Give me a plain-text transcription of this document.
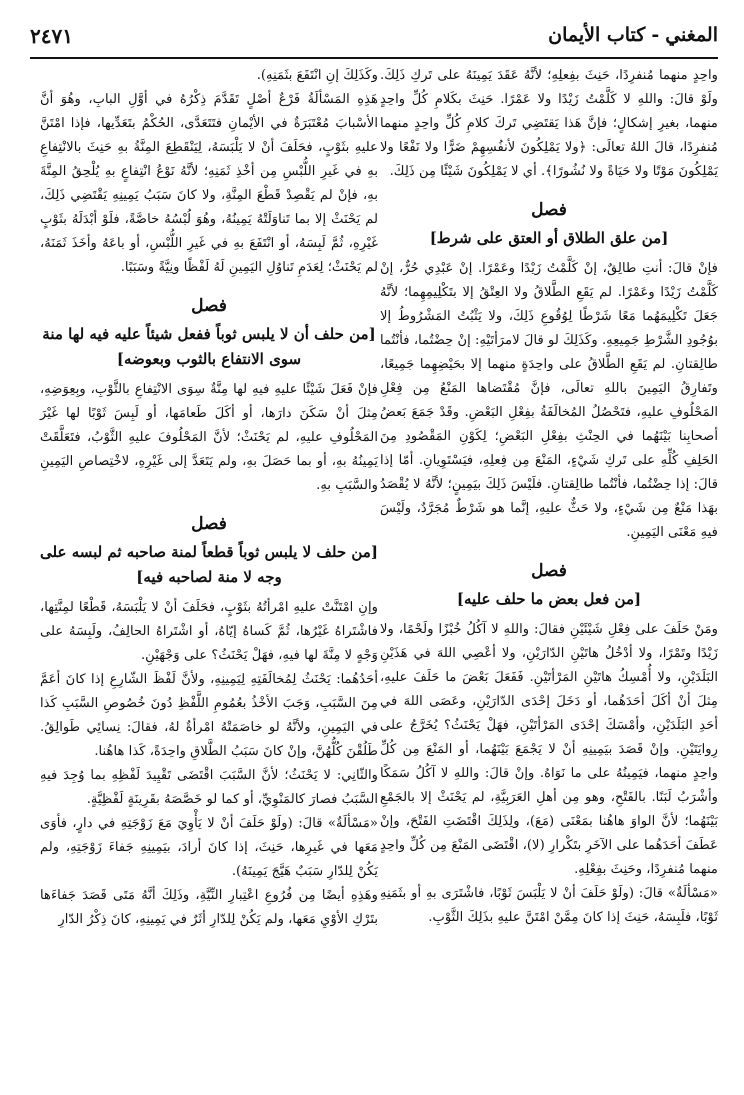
المغني-كتاب الأيمان
٢٤٧١

واحِدٍ منهما مُنفرِدًا، حَنِثَ بفِعلِهِ؛ لأنَّهُ عَقَدَ يَمِينَهُ على تَركِ ذَلِكَ. ولَوْ قالَ: واللهِ لا كَلَّمْتُ زَيْدًا ولا عَمْرًا. حَنِثَ بكَلامِ كُلِّ واحِدٍ منهما، بغيرِ إشكالٍ؛ فإنَّ هَذا يَقتَضِي تَركَ كلامِ كُلِّ واحِدٍ منهما مُنفرِدًا، قالَ اللهُ تعالَى: ﴿ولا يَمْلِكُونَ لأنفُسِهِمْ ضَرًّا ولا نَفْعًا ولا يَمْلِكُونَ مَوْتًا ولا حَيَاةً ولا نُشُورًا﴾. أي لا يَمْلِكُونَ شَيْئًا مِن ذَلِكَ.

فصل
[من علق الطلاق أو العتق على شرط]

فإنْ قالَ: أنتِ طالِقٌ، إنْ كَلَّمْتُ زَيْدًا وعَمْرًا. إنْ عَبْدِي حُرٌّ، إنْ كَلَّمْتُ زَيْدًا وعَمْرًا. لم يَقَعِ الطَّلاقُ ولا العِتْقُ إلا بتَكْلِيمِهِما؛ لأنَّهُ جَعَلَ تَكْلِيمَهُما مَعًا شَرْطًا لِوُقُوعِ ذَلِكَ، ولا يَثْبُتُ المَشْرُوطُ إلا بوُجُودِ الشَّرْطِ جَمِيعِهِ. وكَذَلِكَ لو قالَ لامرَأتَيْهِ: إنْ حِضْتُما، فأنْتُما طالِقتانِ. لم يَقَعِ الطَّلاقُ على واحِدَةٍ منهما إلا بحَيْضِهِما جَمِيعًا، وتَفارِقُ اليَمِينَ باللهِ تعالَى، فإنَّ مُقْتَضاها المَنْعُ مِن فِعْلِ المَحْلُوفِ عليهِ، فتَحْصُلُ المُخالَفَةُ بفِعْلِ البَعْضِ. وقَدْ جَمَعَ بَعضُ أصحابِنا بَيْنَهُما في الحِنْثِ بفِعْلِ البَعْضِ؛ لِكَوْنِ المَقْصُودِ مِنَ الحَلِفِ كُلِّهِ على تَركِ شَيْءٍ، المَنْعَ مِن فِعلِهِ، فيَسْتَوِيانِ. أمّا إذا قالَ: إذا حِضْتُما، فأنْتُما طالِقتانِ. فلَيْسَ ذَلِكَ بيَمِينٍ؛ لأنَّهُ لا يُقْصَدُ بهَذا مَنْعٌ مِن شَيْءٍ، ولا حَثٌّ عليهِ، إنَّما هو شَرْطٌ مُجَرَّدٌ، ولَيْسَ فيهِ مَعْنَى اليَمِينِ.

فصل
[من فعل بعض ما حلف عليه]

ومَنْ حَلَفَ على فِعْلِ شَيْئَيْنِ فقالَ: واللهِ لا آكُلُ خُبْزًا ولَحْمًا، ولا زَيْدًا وتَمْرًا، ولا أدْخُلُ هاتَيْنِ الدّارَيْنِ، ولا أعْصِي اللهَ في هَذَيْنِ البَلَدَيْنِ، ولا أُمْسِكُ هاتَيْنِ المَرْأتَيْنِ. فَفَعَلَ بَعْضَ ما حَلَفَ عليهِ، مِثلَ أنْ أكَلَ أحَدَهُما، أو دَخَلَ إحْدَى الدّارَيْنِ، وعَصَى اللهَ في أحَدِ البَلَدَيْنِ، وأمْسَكَ إحْدَى المَرْأتَيْنِ، فهَلْ يَحْنَثُ؟ يُخَرَّجُ على رِوايَتَيْنِ. وإنْ قَصَدَ بيَمِينِهِ أنْ لا يَجْمَعَ بَيْنَهُما، أو المَنْعَ مِن كُلِّ واحِدٍ منهما، فيَمِينُهُ على ما نَوَاهُ. وإنْ قالَ: واللهِ لا آكُلُ سَمَكًا وأشْرَبُ لَبَنًا. بالفَتْحِ، وهو مِن أهلِ العَرَبِيَّةِ، لم يَحْنَثْ إلا بالجَمْعِ بَيْنَهُما؛ لأنَّ الواوَ هاهُنا بمَعْنَى (مَعَ)، ولِذَلِكَ اقْتَضَتِ الفَتْحَ، وإنْ عَطَفَ أحَدَهُما على الآخَرِ بتَكْرارِ (لا)، اقْتَضَى المَنْعَ مِن كُلِّ واحِدٍ منهما مُنفرِدًا، وحَنِثَ بفِعْلِهِ.

«مَسْألَةٌ» قالَ: (ولَوْ حَلَفَ أنْ لا يَلْبَسَ ثَوْبًا، فاشْتَرَى بهِ أو بثَمَنِهِ ثَوْبًا، فلَبِسَهُ، حَنِثَ إذا كانَ مِمَّنْ امْتَنَّ عليهِ بذَلِكَ الثَّوْبِ.

وكَذَلِكَ إنِ انْتَفَعَ بثَمَنِهِ).

هَذِهِ المَسْألَةُ فَرْعٌ أصْلٍ تَقَدَّمَ ذِكْرُهُ في أوَّلِ البابِ، وهُوَ أنَّ الأسْبابَ مُعْتَبَرَةٌ في الأيْمانِ فتَتَعَدَّى، الحُكْمُ بتَعَدِّيها، فإذا امْتَنَّ عليهِ بثَوْبٍ، فحَلَفَ أنْ لا يَلْبَسَهُ، لِيَنْقَطِعَ المِنَّةُ بهِ حَنِثَ بالانْتِفاعِ بهِ في غَيرِ اللُّبْسِ مِن أخْذِ ثَمَنِهِ؛ لأنَّهُ نَوْعُ انْتِفاعٍ بهِ يُلْحِقُ المِنَّةَ بهِ، فإنْ لم يَقْصِدْ قَطْعَ المِنَّةِ، ولا كانَ سَبَبُ يَمِينِهِ يَقْتَضِي ذَلِكَ، لم يَحْنَثْ إلا بما تَناوَلَتْهُ يَمِينُهُ، وهُوَ لُبْسُهُ خاصَّةً، فلَوْ أبْدَلَهُ بثَوْبٍ غَيْرِهِ، ثُمَّ لَبِسَهُ، أو انْتَفَعَ بهِ في غَيرِ اللُّبْسِ، أو باعَهُ وأخَذَ ثَمَنَهُ، لم يَحْنَثْ؛ لِعَدَمِ تَناوُلِ اليَمِينِ لَهُ لَفْظًا ونِيَّةً وسَبَبًا.

فصل
[من حلف أن لا يلبس ثوباً ففعل شيئاً عليه فيه لها منة سوى الانتفاع بالثوب وبعوضه]

فإنْ فَعَلَ شَيْئًا عليهِ فيهِ لها مِنَّةٌ سِوَى الانْتِفاعِ بالثَّوْبِ، وبِعِوَضِهِ، مِثلَ أنْ سَكَنَ دارَها، أو أكَلَ طَعامَها، أو لَبِسَ ثَوْبًا لها غَيْرَ المَحْلُوفِ عليهِ، لم يَحْنَثْ؛ لأنَّ المَحْلُوفَ عليهِ الثَّوْبُ، فتَعَلَّقَتْ يَمِينُهُ بهِ، أو بما حَصَلَ بهِ، ولم يَتَعَدَّ إلى غَيْرِهِ، لاخْتِصاصِ اليَمِينِ والسَّبَبِ بهِ.

فصل
[من حلف لا يلبس ثوباً قطعاً لمنة صاحبه ثم لبسه على وجه لا منة لصاحبه فيه]

وإنِ امْتَنَّتْ عليهِ امْرأتُهُ بثَوْبٍ، فحَلَفَ أنْ لا يَلْبَسَهُ، قَطْعًا لمِنَّتِها، فاشْتَراهُ غَيْرُها، ثُمَّ كَساهُ إيّاهُ، أو اشْتَراهُ الحالِفُ، ولَبِسَهُ على وَجْهٍ لا مِنَّةَ لها فيهِ، فهَلْ يَحْنَثُ؟ على وَجْهَيْنِ.

أحَدُهُما: يَحْنَثُ لِمُخالَفَتِهِ لِيَمِينِهِ، ولأنَّ لَفْظَ الشّارِعِ إذا كانَ أعَمَّ مِنَ السَّبَبِ، وَجَبَ الأخْذُ بعُمُومِ اللَّفْظِ دُونَ خُصُوصِ السَّبَبِ كَذا في اليَمِينِ، ولأنَّهُ لو خاصَمَتْهُ امْرأةٌ لهُ، فقالَ: نِسائِي طَوالِقُ. طَلُقْنَ كُلُّهُنَّ، وإنْ كانَ سَبَبُ الطَّلاقِ واحِدَةً، كَذا هاهُنا.

والثّانِي: لا يَحْنَثُ؛ لأنَّ السَّبَبَ اقْتَضَى تَقْيِيدَ لَفْظِهِ بما وُجِدَ فيهِ السَّبَبُ فصارَ كالمَنْوِيِّ، أو كما لو خَصَّصَهُ بقَرِينَةٍ لَفْظِيَّةٍ.

«مَسْألَةٌ» قالَ: (ولَوْ حَلَفَ أنْ لا يَأْوِيَ مَعَ زَوْجَتِهِ في دارٍ، فأوَى مَعَها في غَيرِها، حَنِثَ، إذا كانَ أرادَ، بيَمِينِهِ جَفاءَ زَوْجَتِهِ، ولم يَكُنْ لِلدّارِ سَبَبٌ هَيَّجَ يَمِينَهُ).

وهَذِهِ أيضًا مِن فُرُوعِ اعْتِبارِ النِّيَّةِ، وذَلِكَ أنَّهُ مَتَى قَصَدَ جَفاءَها بتَرْكِ الأوْيِ مَعَها، ولم يَكُنْ لِلدّارِ أثَرٌ في يَمِينِهِ، كانَ ذِكْرُ الدّارِ
